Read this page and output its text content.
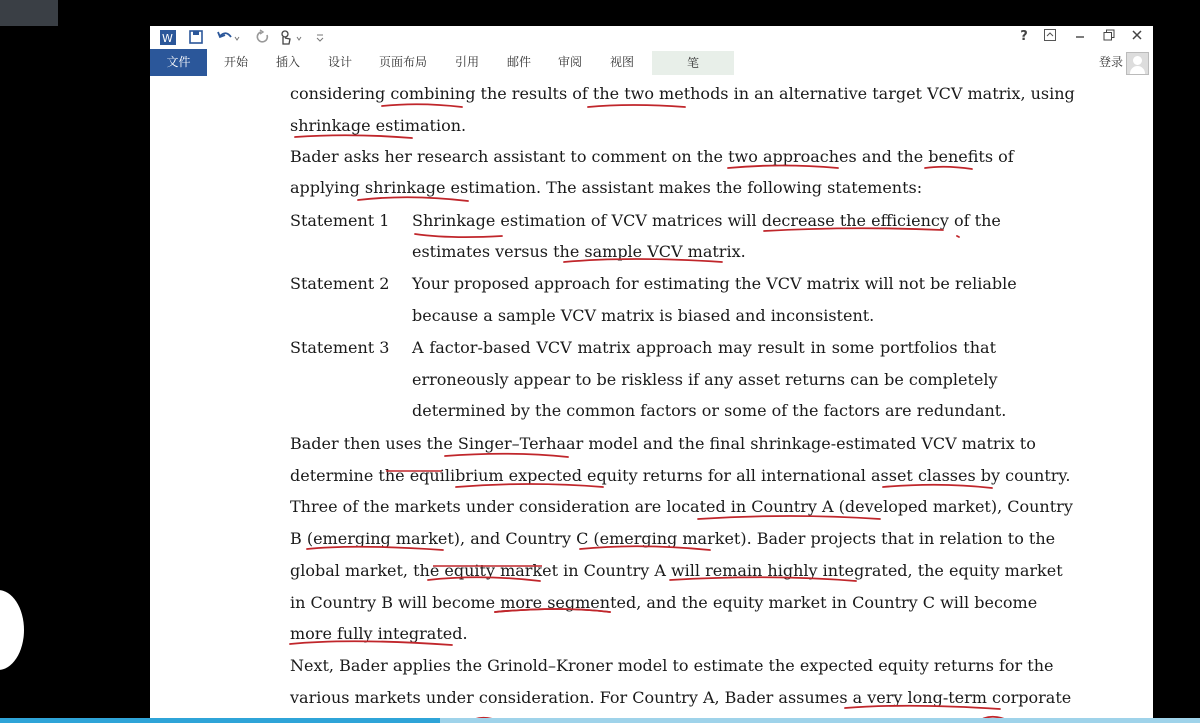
W	?
文件	开始	插入	设计	页面布局	引用	邮件	审阅	视图	笔	登录
considering combining the results of the two methods in an alternative target VCV matrix, using
shrinkage estimation.
Bader asks her research assistant to comment on the two approaches and the benefits of
applying shrinkage estimation. The assistant makes the following statements:
Statement 1 Shrinkage estimation of VCV matrices will decrease the efficiency of the
estimates versus the sample VCV matrix.
Statement 2 Your proposed approach for estimating the VCV matrix will not be reliable
because a sample VCV matrix is biased and inconsistent.
Statement 3 A factor-based VCV matrix approach may result in some portfolios that
erroneously appear to be riskless if any asset returns can be completely
determined by the common factors or some of the factors are redundant.
Bader then uses the Singer–Terhaar model and the final shrinkage-estimated VCV matrix to
determine the equilibrium expected equity returns for all international asset classes by country.
Three of the markets under consideration are located in Country A (developed market), Country
B (emerging market), and Country C (emerging market). Bader projects that in relation to the
global market, the equity market in Country A will remain highly integrated, the equity market
in Country B will become more segmented, and the equity market in Country C will become
more fully integrated.
Next, Bader applies the Grinold–Kroner model to estimate the expected equity returns for the
various markets under consideration. For Country A, Bader assumes a very long-term corporate
